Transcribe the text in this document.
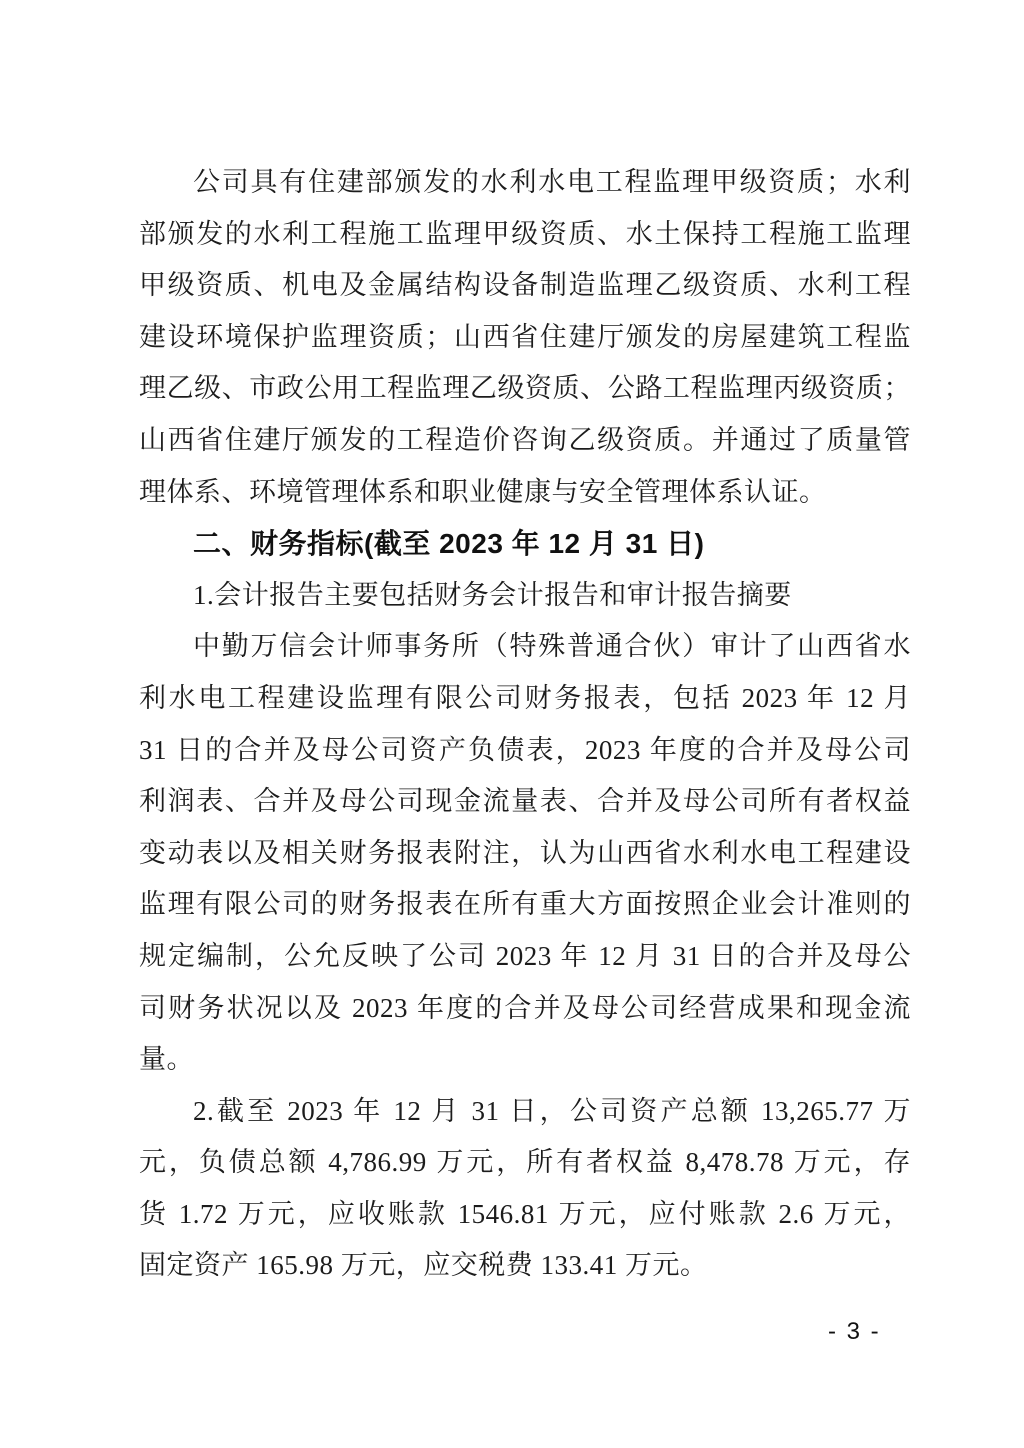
公司具有住建部颁发的水利水电工程监理甲级资质；水利
部颁发的水利工程施工监理甲级资质、水土保持工程施工监理
甲级资质、机电及金属结构设备制造监理乙级资质、水利工程
建设环境保护监理资质；山西省住建厅颁发的房屋建筑工程监
理乙级、市政公用工程监理乙级资质、公路工程监理丙级资质；
山西省住建厅颁发的工程造价咨询乙级资质。并通过了质量管
理体系、环境管理体系和职业健康与安全管理体系认证。
二、财务指标(截至 2023 年 12 月 31 日)
1.会计报告主要包括财务会计报告和审计报告摘要
中勤万信会计师事务所（特殊普通合伙）审计了山西省水
利水电工程建设监理有限公司财务报表，包括 2023 年 12 月
31 日的合并及母公司资产负债表，2023 年度的合并及母公司
利润表、合并及母公司现金流量表、合并及母公司所有者权益
变动表以及相关财务报表附注，认为山西省水利水电工程建设
监理有限公司的财务报表在所有重大方面按照企业会计准则的
规定编制，公允反映了公司 2023 年 12 月 31 日的合并及母公
司财务状况以及 2023 年度的合并及母公司经营成果和现金流
量。
2.截至 2023 年 12 月 31 日，公司资产总额 13,265.77 万
元，负债总额 4,786.99 万元，所有者权益 8,478.78 万元，存
货 1.72 万元，应收账款 1546.81 万元，应付账款 2.6 万元，
固定资产 165.98 万元，应交税费 133.41 万元。
- 3 -
